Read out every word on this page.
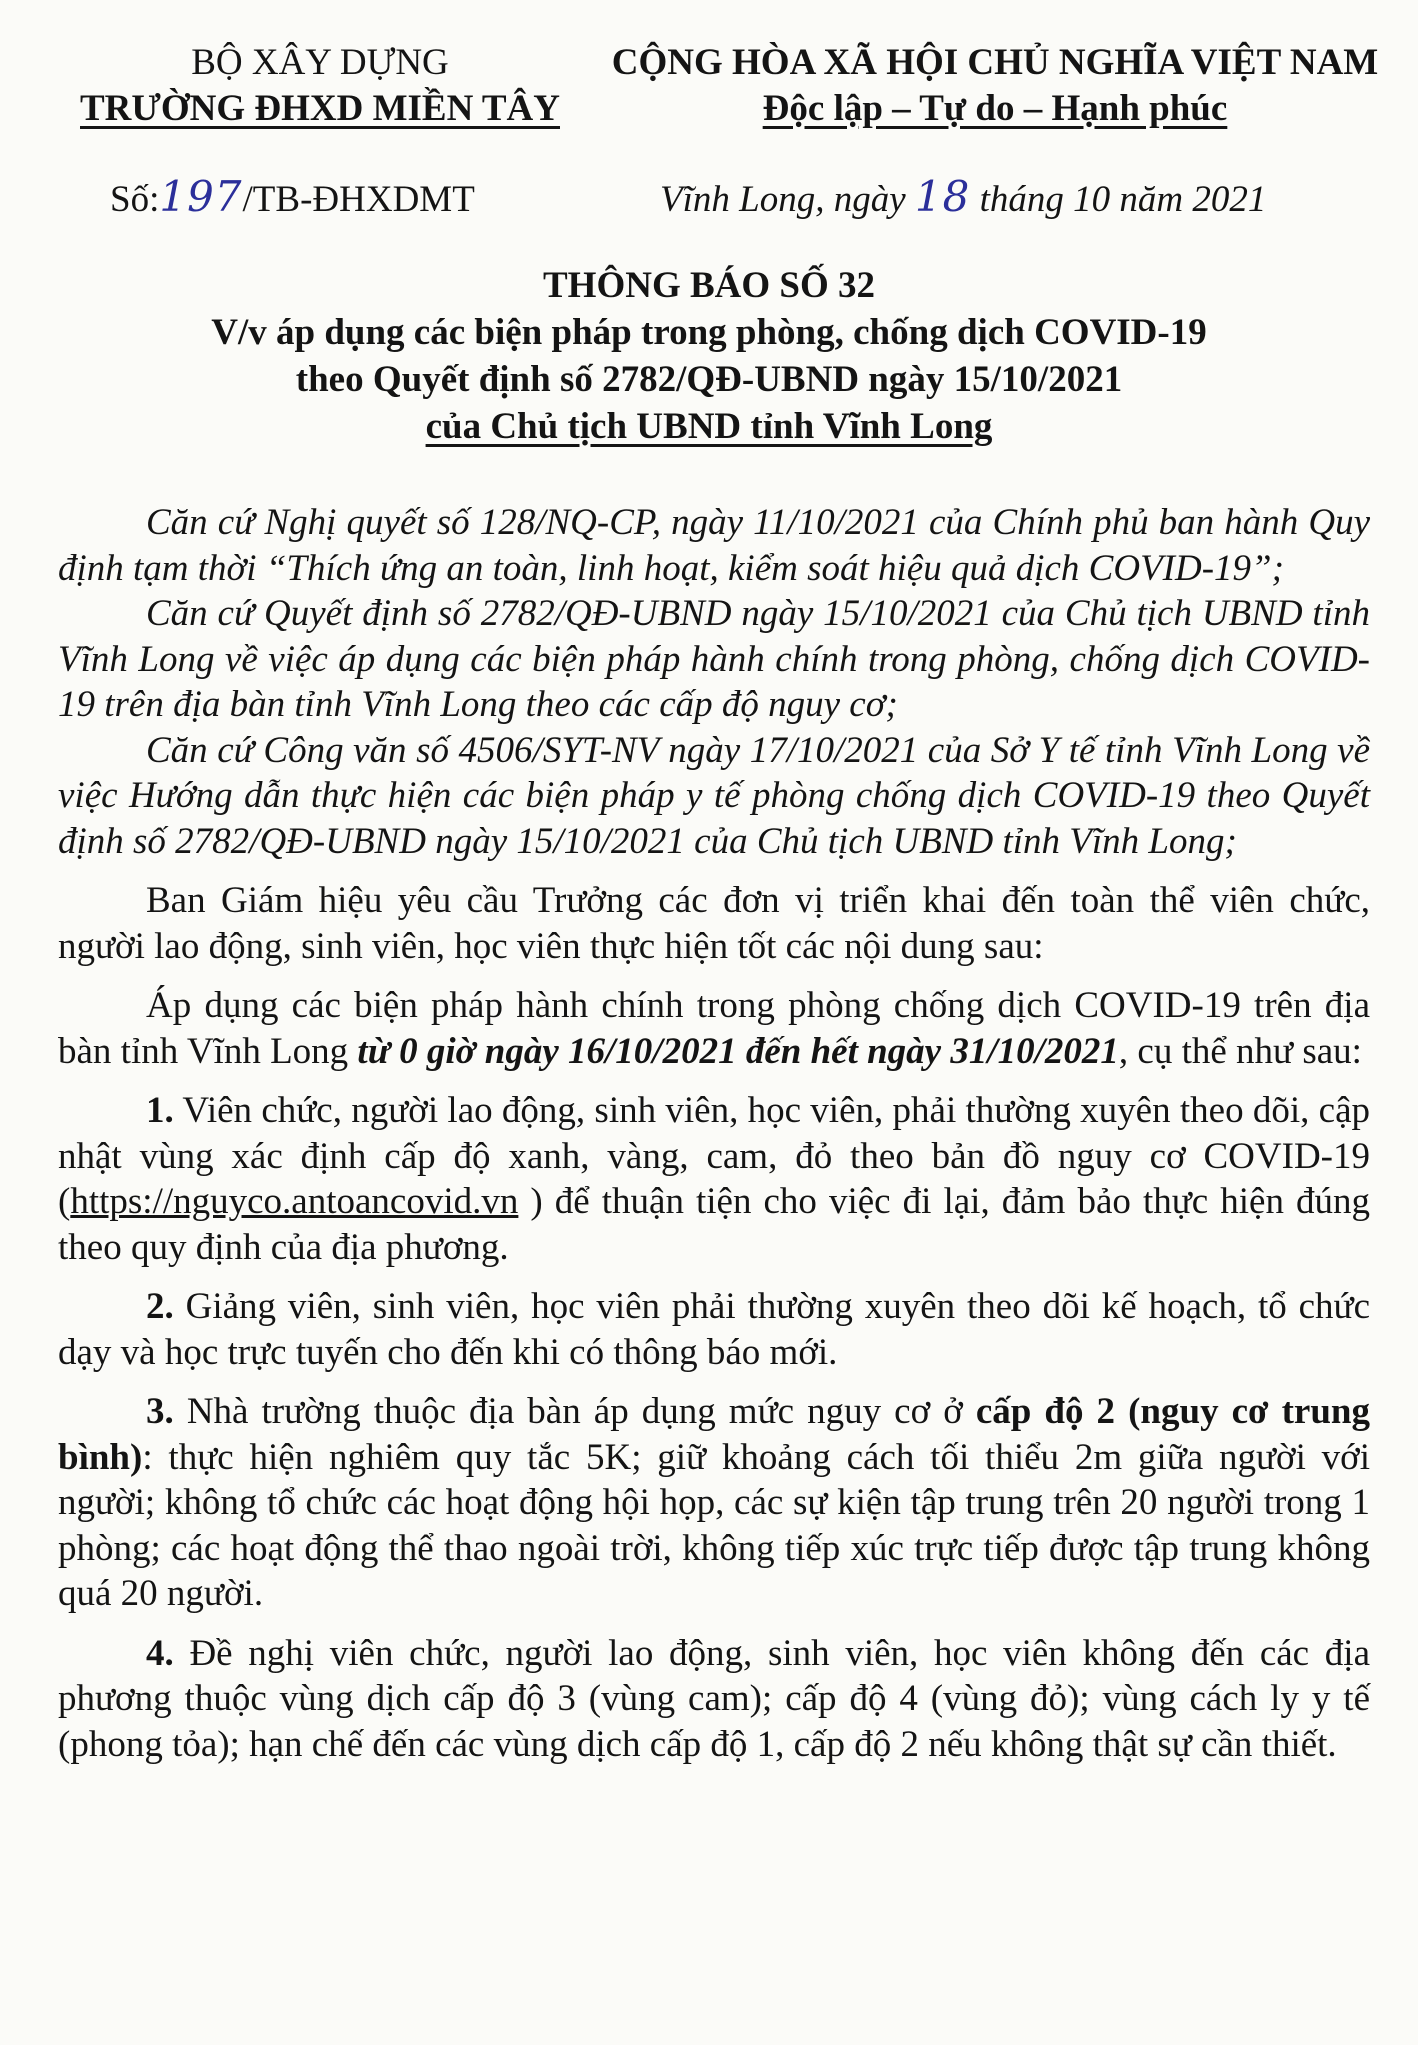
BỘ XÂY DỰNG
TRƯỜNG ĐHXD MIỀN TÂY
CỘNG HÒA XÃ HỘI CHỦ NGHĨA VIỆT NAM
Độc lập – Tự do – Hạnh phúc
Số:197/TB-ĐHXDMT	Vĩnh Long, ngày 18 tháng 10 năm 2021
THÔNG BÁO SỐ 32
V/v áp dụng các biện pháp trong phòng, chống dịch COVID-19
theo Quyết định số 2782/QĐ-UBND ngày 15/10/2021
của Chủ tịch UBND tỉnh Vĩnh Long

Căn cứ Nghị quyết số 128/NQ-CP, ngày 11/10/2021 của Chính phủ ban hành Quy định tạm thời “Thích ứng an toàn, linh hoạt, kiểm soát hiệu quả dịch COVID-19”;

Căn cứ Quyết định số 2782/QĐ-UBND ngày 15/10/2021 của Chủ tịch UBND tỉnh Vĩnh Long về việc áp dụng các biện pháp hành chính trong phòng, chống dịch COVID-19 trên địa bàn tỉnh Vĩnh Long theo các cấp độ nguy cơ;

Căn cứ Công văn số 4506/SYT-NV ngày 17/10/2021 của Sở Y tế tỉnh Vĩnh Long về việc Hướng dẫn thực hiện các biện pháp y tế phòng chống dịch COVID-19 theo Quyết định số 2782/QĐ-UBND ngày 15/10/2021 của Chủ tịch UBND tỉnh Vĩnh Long;

Ban Giám hiệu yêu cầu Trưởng các đơn vị triển khai đến toàn thể viên chức, người lao động, sinh viên, học viên thực hiện tốt các nội dung sau:

Áp dụng các biện pháp hành chính trong phòng chống dịch COVID-19 trên địa bàn tỉnh Vĩnh Long từ 0 giờ ngày 16/10/2021 đến hết ngày 31/10/2021, cụ thể như sau:

1. Viên chức, người lao động, sinh viên, học viên, phải thường xuyên theo dõi, cập nhật vùng xác định cấp độ xanh, vàng, cam, đỏ theo bản đồ nguy cơ COVID-19 (https://nguyco.antoancovid.vn ) để thuận tiện cho việc đi lại, đảm bảo thực hiện đúng theo quy định của địa phương.

2. Giảng viên, sinh viên, học viên phải thường xuyên theo dõi kế hoạch, tổ chức dạy và học trực tuyến cho đến khi có thông báo mới.

3. Nhà trường thuộc địa bàn áp dụng mức nguy cơ ở cấp độ 2 (nguy cơ trung bình): thực hiện nghiêm quy tắc 5K; giữ khoảng cách tối thiểu 2m giữa người với người; không tổ chức các hoạt động hội họp, các sự kiện tập trung trên 20 người trong 1 phòng; các hoạt động thể thao ngoài trời, không tiếp xúc trực tiếp được tập trung không quá 20 người.

4. Đề nghị viên chức, người lao động, sinh viên, học viên không đến các địa phương thuộc vùng dịch cấp độ 3 (vùng cam); cấp độ 4 (vùng đỏ); vùng cách ly y tế (phong tỏa); hạn chế đến các vùng dịch cấp độ 1, cấp độ 2 nếu không thật sự cần thiết.
